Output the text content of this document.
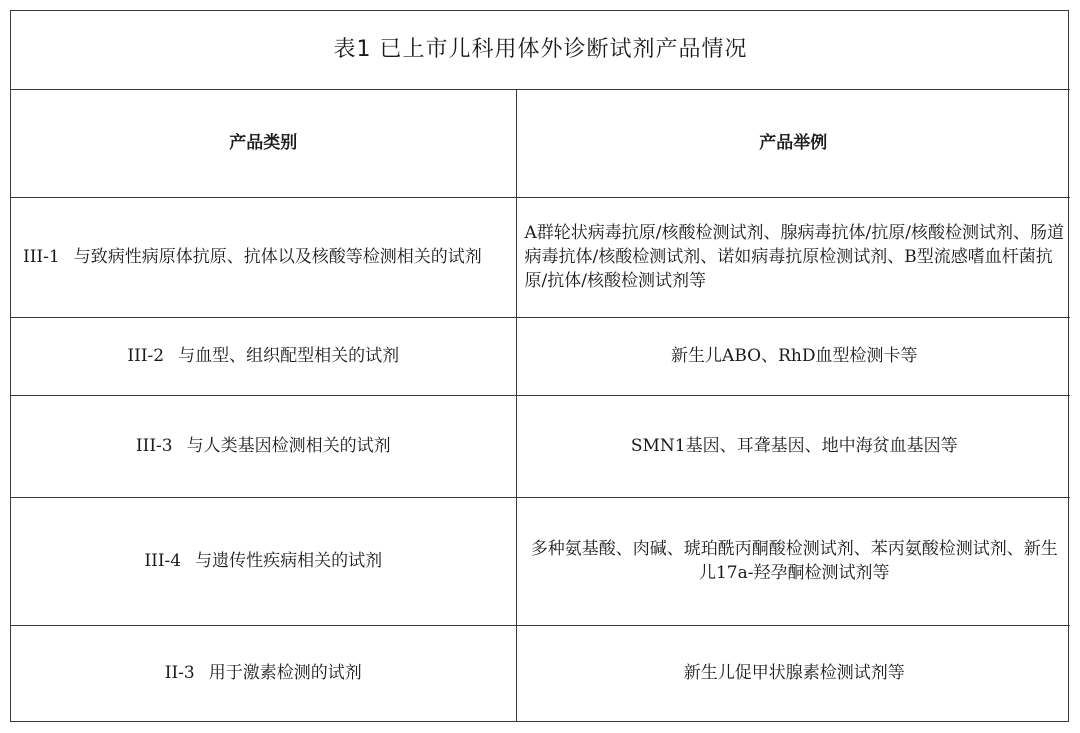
表1 已上市儿科用体外诊断试剂产品情况	
产品类别	产品举例
III-1 与致病性病原体抗原、抗体以及核酸等检测相关的试剂	A群轮状病毒抗原/核酸检测试剂、腺病毒抗体/抗原/核酸检测试剂、肠道病毒抗体/核酸检测试剂、诺如病毒抗原检测试剂、B型流感嗜血杆菌抗原/抗体/核酸检测试剂等
III-2 与血型、组织配型相关的试剂	新生儿ABO、RhD血型检测卡等
III-3 与人类基因检测相关的试剂	SMN1基因、耳聋基因、地中海贫血基因等
III-4 与遗传性疾病相关的试剂	多种氨基酸、肉碱、琥珀酰丙酮酸检测试剂、苯丙氨酸检测试剂、新生儿17a-羟孕酮检测试剂等
II-3 用于激素检测的试剂	新生儿促甲状腺素检测试剂等
